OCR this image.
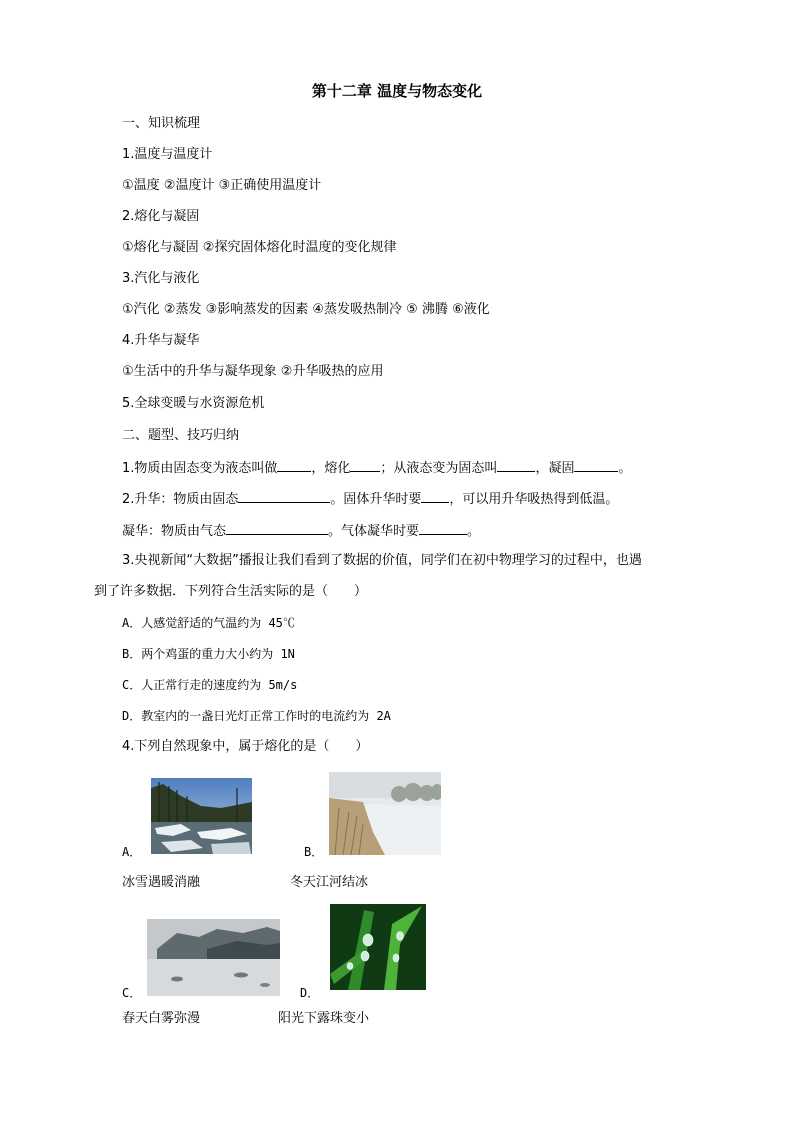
第十二章 温度与物态变化
一、知识梳理
1.温度与温度计
①温度 ②温度计 ③正确使用温度计
2.熔化与凝固
①熔化与凝固 ②探究固体熔化时温度的变化规律
3.汽化与液化
①汽化 ②蒸发 ③影响蒸发的因素 ④蒸发吸热制冷 ⑤ 沸腾 ⑥液化
4.升华与凝华
①生活中的升华与凝华现象 ②升华吸热的应用
5.全球变暖与水资源危机
二、题型、技巧归纳
1.物质由固态变为液态叫做	，熔化 ；从液态变为固态叫	，凝固	。
2.升华：物质由固态	。固体升华时要 ，可以用升华吸热得到低温。
凝华：物质由气态	。气体凝华时要	。
3.央视新闻“大数据”播报让我们看到了数据的价值，同学们在初中物理学习的过程中，也遇
到了许多数据．下列符合生活实际的是（　　）
A．人感觉舒适的气温约为 45℃
B．两个鸡蛋的重力大小约为 1N
C．人正常行走的速度约为 5m/s
D．教室内的一盏日光灯正常工作时的电流约为 2A
4.下列自然现象中，属于熔化的是（　　）
A．	B．
冰雪遇暖消融	冬天江河结冰
C．	D．
春天白雾弥漫	阳光下露珠变小
